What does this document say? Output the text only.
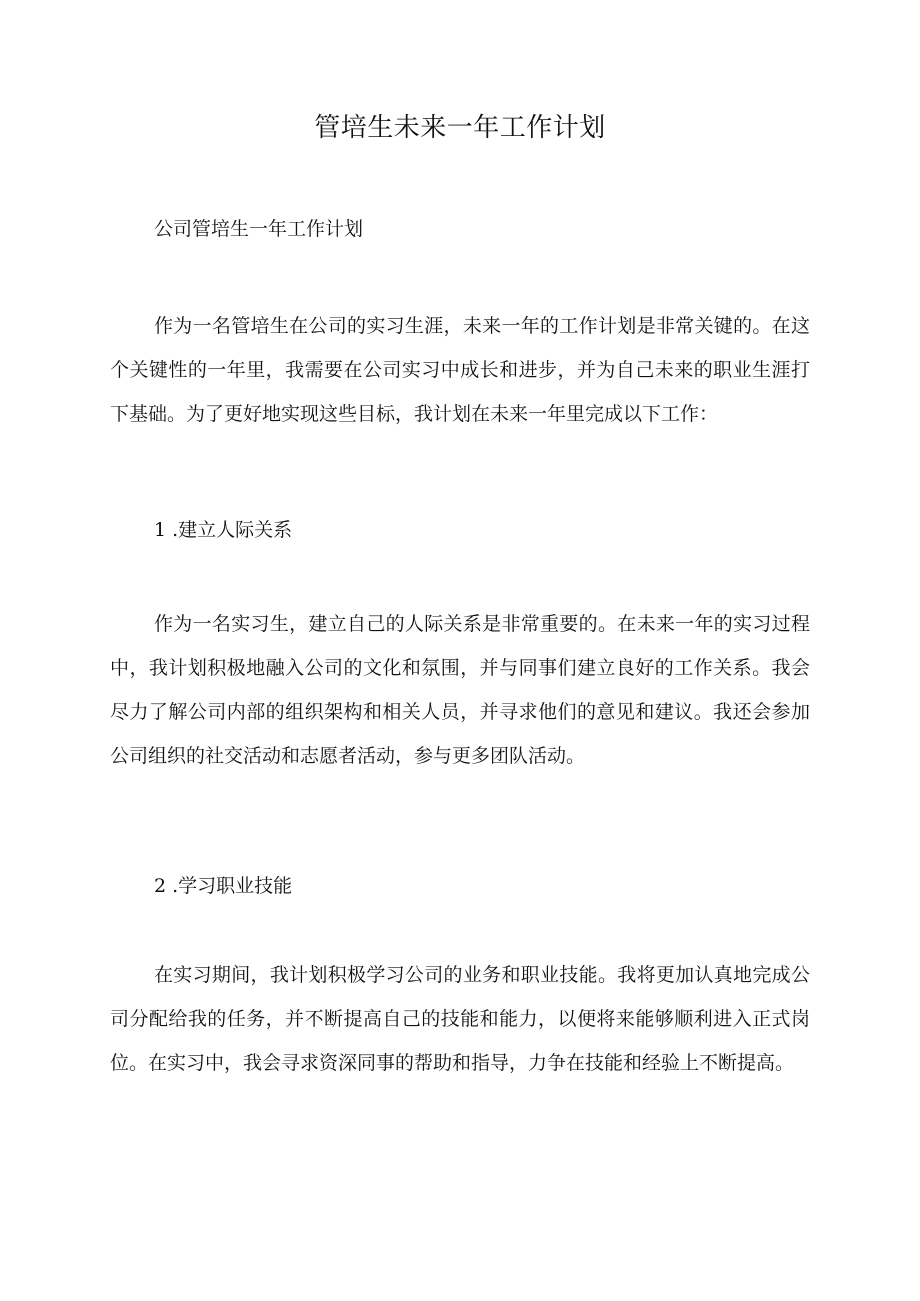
管培生未来一年工作计划
公司管培生一年工作计划

作为一名管培生在公司的实习生涯，未来一年的工作计划是非常关键的。在这个关键性的一年里，我需要在公司实习中成长和进步，并为自己未来的职业生涯打下基础。为了更好地实现这些目标，我计划在未来一年里完成以下工作：

1 .建立人际关系

作为一名实习生，建立自己的人际关系是非常重要的。在未来一年的实习过程中，我计划积极地融入公司的文化和氛围，并与同事们建立良好的工作关系。我会尽力了解公司内部的组织架构和相关人员，并寻求他们的意见和建议。我还会参加公司组织的社交活动和志愿者活动，参与更多团队活动。

2 .学习职业技能

在实习期间，我计划积极学习公司的业务和职业技能。我将更加认真地完成公司分配给我的任务，并不断提高自己的技能和能力，以便将来能够顺利进入正式岗位。在实习中，我会寻求资深同事的帮助和指导，力争在技能和经验上不断提高。
